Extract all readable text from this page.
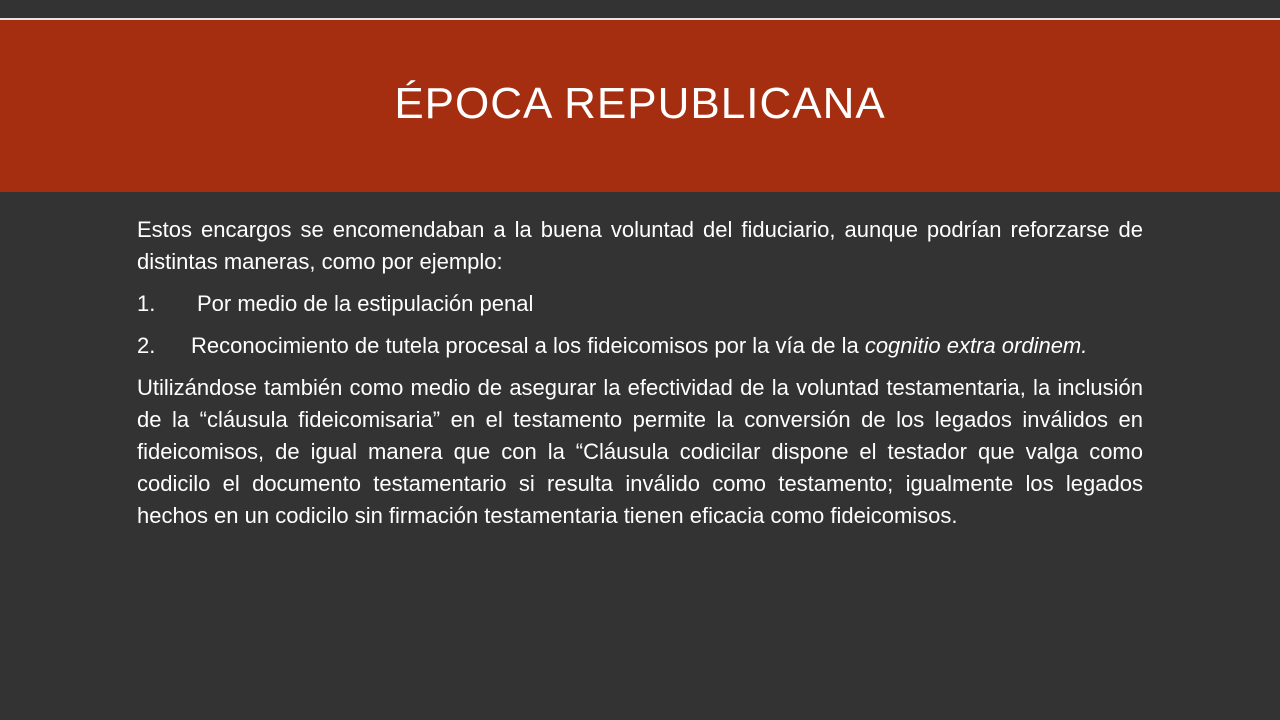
ÉPOCA REPUBLICANA

Estos encargos se encomendaban a la buena voluntad del fiduciario, aunque podrían reforzarse de distintas maneras, como por ejemplo:

1. Por medio de la estipulación penal
2. Reconocimiento de tutela procesal a los fideicomisos por la vía de la cognitio extra ordinem.

Utilizándose también como medio de asegurar la efectividad de la voluntad testamentaria, la inclusión de la “cláusula fideicomisaria” en el testamento permite la conversión de los legados inválidos en fideicomisos, de igual manera que con la “Cláusula codicilar dispone el testador que valga como codicilo el documento testamentario si resulta inválido como testamento; igualmente los legados hechos en un codicilo sin firmación testamentaria tienen eficacia como fideicomisos.
